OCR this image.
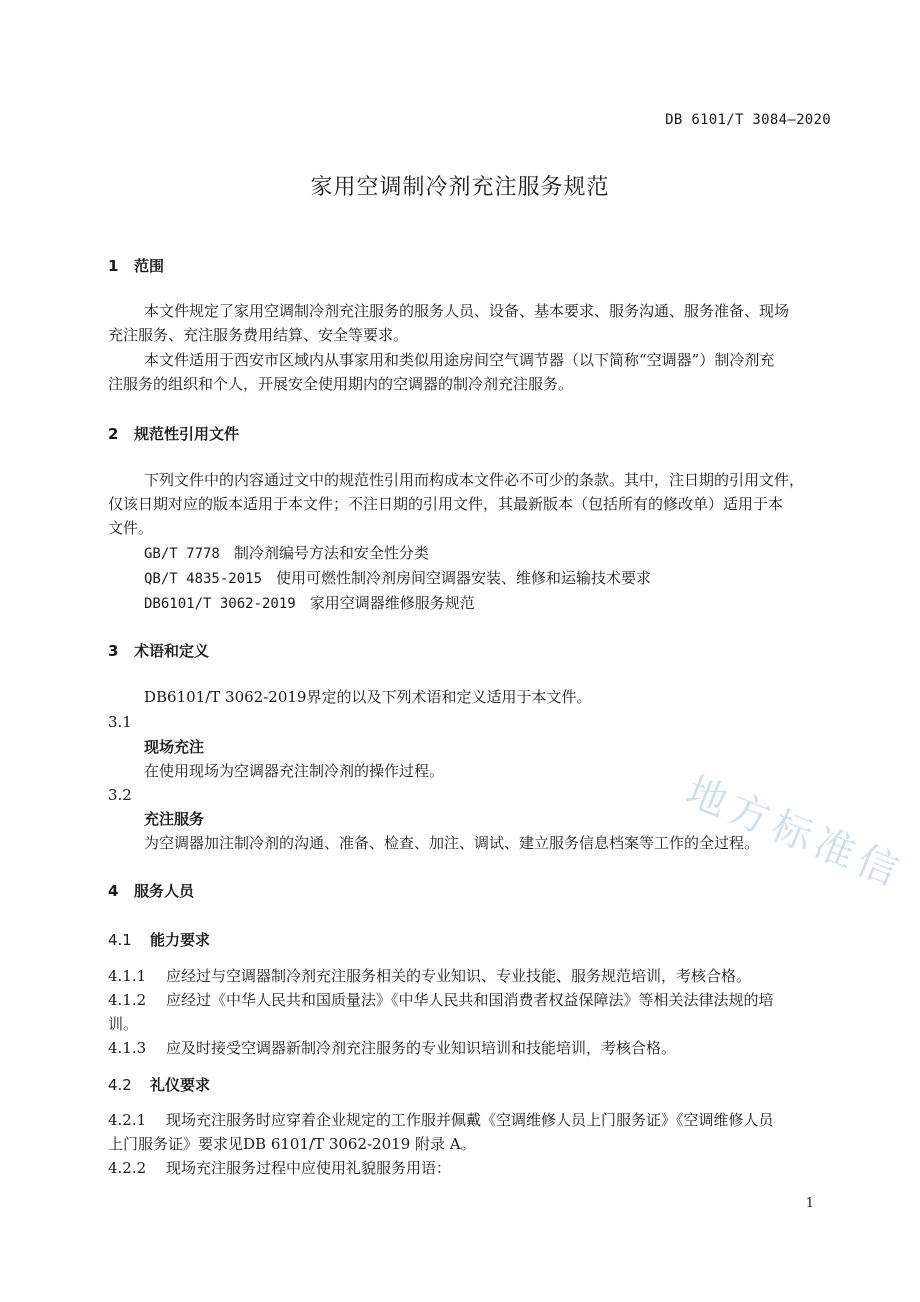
DB 6101/T 3084—2020
家用空调制冷剂充注服务规范
1 范围
本文件规定了家用空调制冷剂充注服务的服务人员、设备、基本要求、服务沟通、服务准备、现场
充注服务、充注服务费用结算、安全等要求。
本文件适用于西安市区域内从事家用和类似用途房间空气调节器（以下简称“空调器”）制冷剂充
注服务的组织和个人，开展安全使用期内的空调器的制冷剂充注服务。
2 规范性引用文件
下列文件中的内容通过文中的规范性引用而构成本文件必不可少的条款。其中，注日期的引用文件，
仅该日期对应的版本适用于本文件；不注日期的引用文件，其最新版本（包括所有的修改单）适用于本
文件。
GB/T 7778 制冷剂编号方法和安全性分类
QB/T 4835-2015 使用可燃性制冷剂房间空调器安装、维修和运输技术要求
DB6101/T 3062-2019 家用空调器维修服务规范
3 术语和定义
DB6101/T 3062-2019界定的以及下列术语和定义适用于本文件。
3.1
现场充注
在使用现场为空调器充注制冷剂的操作过程。
3.2
充注服务
为空调器加注制冷剂的沟通、准备、检查、加注、调试、建立服务信息档案等工作的全过程。
4 服务人员
4.1 能力要求
4.1.1 应经过与空调器制冷剂充注服务相关的专业知识、专业技能、服务规范培训，考核合格。
4.1.2 应经过《中华人民共和国质量法》《中华人民共和国消费者权益保障法》等相关法律法规的培
训。
4.1.3 应及时接受空调器新制冷剂充注服务的专业知识培训和技能培训，考核合格。
4.2 礼仪要求
4.2.1 现场充注服务时应穿着企业规定的工作服并佩戴《空调维修人员上门服务证》《空调维修人员
上门服务证》要求见DB 6101/T 3062-2019 附录 A。
4.2.2 现场充注服务过程中应使用礼貌服务用语：
1
地方标准信
